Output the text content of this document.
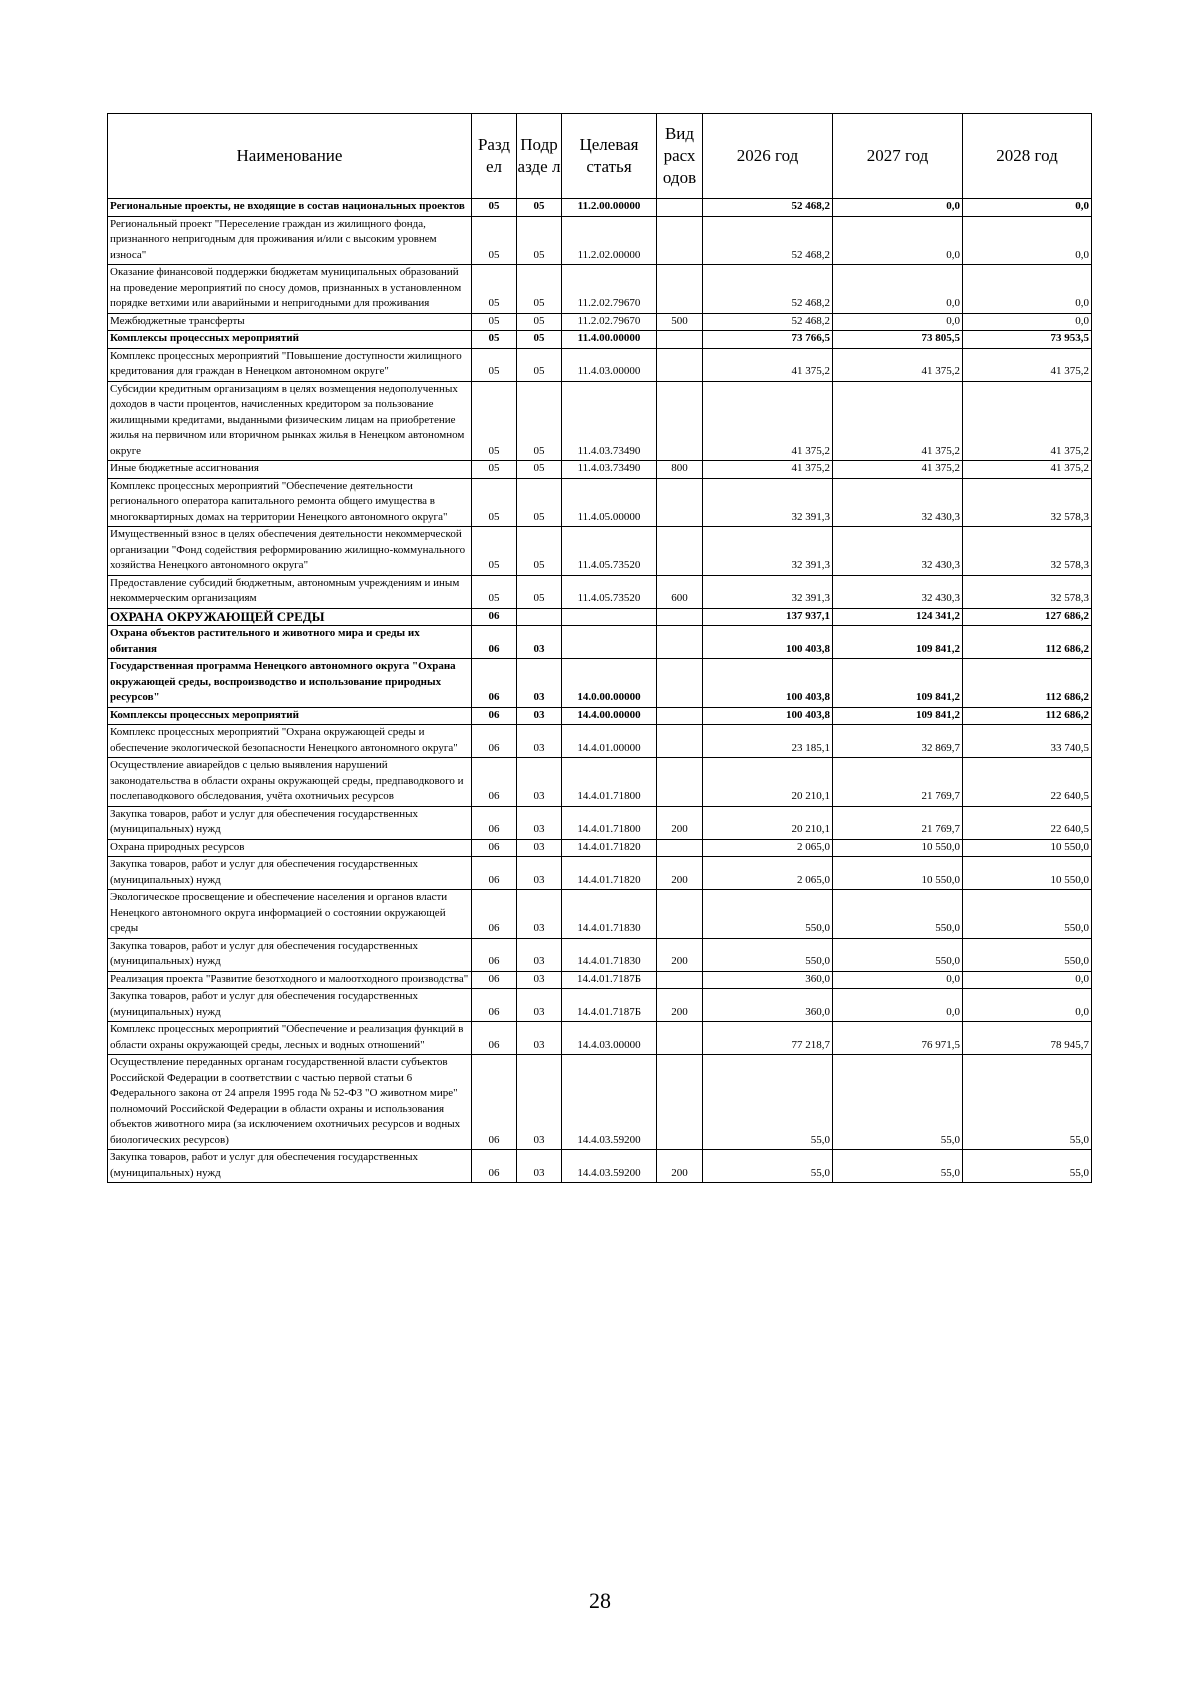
Наименование	Разд ел	Подр азде л	Целевая статья	Вид расх одов	2026 год	2027 год	2028 год
Региональные проекты, не входящие в состав национальных проектов	05	05	11.2.00.00000		52 468,2	0,0	0,0
Региональный проект "Переселение граждан из жилищного фонда, признанного непригодным для проживания и/или с высоким уровнем износа"	05	05	11.2.02.00000		52 468,2	0,0	0,0
Оказание финансовой поддержки бюджетам муниципальных образований на проведение мероприятий по сносу домов, признанных в установленном порядке ветхими или аварийными и непригодными для проживания	05	05	11.2.02.79670		52 468,2	0,0	0,0
Межбюджетные трансферты	05	05	11.2.02.79670	500	52 468,2	0,0	0,0
Комплексы процессных мероприятий	05	05	11.4.00.00000		73 766,5	73 805,5	73 953,5
Комплекс процессных мероприятий "Повышение доступности жилищного кредитования для граждан в Ненецком автономном округе"	05	05	11.4.03.00000		41 375,2	41 375,2	41 375,2
Субсидии кредитным организациям в целях возмещения недополученных доходов в части процентов, начисленных кредитором за пользование жилищными кредитами, выданными физическим лицам на приобретение жилья на первичном или вторичном рынках жилья в Ненецком автономном округе	05	05	11.4.03.73490		41 375,2	41 375,2	41 375,2
Иные бюджетные ассигнования	05	05	11.4.03.73490	800	41 375,2	41 375,2	41 375,2
Комплекс процессных мероприятий "Обеспечение деятельности регионального оператора капитального ремонта общего имущества в многоквартирных домах на территории Ненецкого автономного округа"	05	05	11.4.05.00000		32 391,3	32 430,3	32 578,3
Имущественный взнос в целях обеспечения деятельности некоммерческой организации "Фонд содействия реформированию жилищно-коммунального хозяйства Ненецкого автономного округа"	05	05	11.4.05.73520		32 391,3	32 430,3	32 578,3
Предоставление субсидий бюджетным, автономным учреждениям и иным некоммерческим организациям	05	05	11.4.05.73520	600	32 391,3	32 430,3	32 578,3
ОХРАНА ОКРУЖАЮЩЕЙ СРЕДЫ	06				137 937,1	124 341,2	127 686,2
Охрана объектов растительного и животного мира и среды их обитания	06	03			100 403,8	109 841,2	112 686,2
Государственная программа Ненецкого автономного округа "Охрана окружающей среды, воспроизводство и использование природных ресурсов"	06	03	14.0.00.00000		100 403,8	109 841,2	112 686,2
Комплексы процессных мероприятий	06	03	14.4.00.00000		100 403,8	109 841,2	112 686,2
Комплекс процессных мероприятий "Охрана окружающей среды и обеспечение экологической безопасности Ненецкого автономного округа"	06	03	14.4.01.00000		23 185,1	32 869,7	33 740,5
Осуществление авиарейдов с целью выявления нарушений законодательства в области охраны окружающей среды, предпаводкового и послепаводкового обследования, учёта охотничьих ресурсов	06	03	14.4.01.71800		20 210,1	21 769,7	22 640,5
Закупка товаров, работ и услуг для обеспечения государственных (муниципальных) нужд	06	03	14.4.01.71800	200	20 210,1	21 769,7	22 640,5
Охрана природных ресурсов	06	03	14.4.01.71820		2 065,0	10 550,0	10 550,0
Закупка товаров, работ и услуг для обеспечения государственных (муниципальных) нужд	06	03	14.4.01.71820	200	2 065,0	10 550,0	10 550,0
Экологическое просвещение и обеспечение населения и органов власти Ненецкого автономного округа информацией о состоянии окружающей среды	06	03	14.4.01.71830		550,0	550,0	550,0
Закупка товаров, работ и услуг для обеспечения государственных (муниципальных) нужд	06	03	14.4.01.71830	200	550,0	550,0	550,0
Реализация проекта "Развитие безотходного и малоотходного производства"	06	03	14.4.01.7187Б		360,0	0,0	0,0
Закупка товаров, работ и услуг для обеспечения государственных (муниципальных) нужд	06	03	14.4.01.7187Б	200	360,0	0,0	0,0
Комплекс процессных мероприятий "Обеспечение и реализация функций в области охраны окружающей среды, лесных и водных отношений"	06	03	14.4.03.00000		77 218,7	76 971,5	78 945,7
Осуществление переданных органам государственной власти субъектов Российской Федерации в соответствии с частью первой статьи 6 Федерального закона от 24 апреля 1995 года № 52-ФЗ "О животном мире" полномочий Российской Федерации в области охраны и использования объектов животного мира (за исключением охотничьих ресурсов и водных биологических ресурсов)	06	03	14.4.03.59200		55,0	55,0	55,0
Закупка товаров, работ и услуг для обеспечения государственных (муниципальных) нужд	06	03	14.4.03.59200	200	55,0	55,0	55,0
28
